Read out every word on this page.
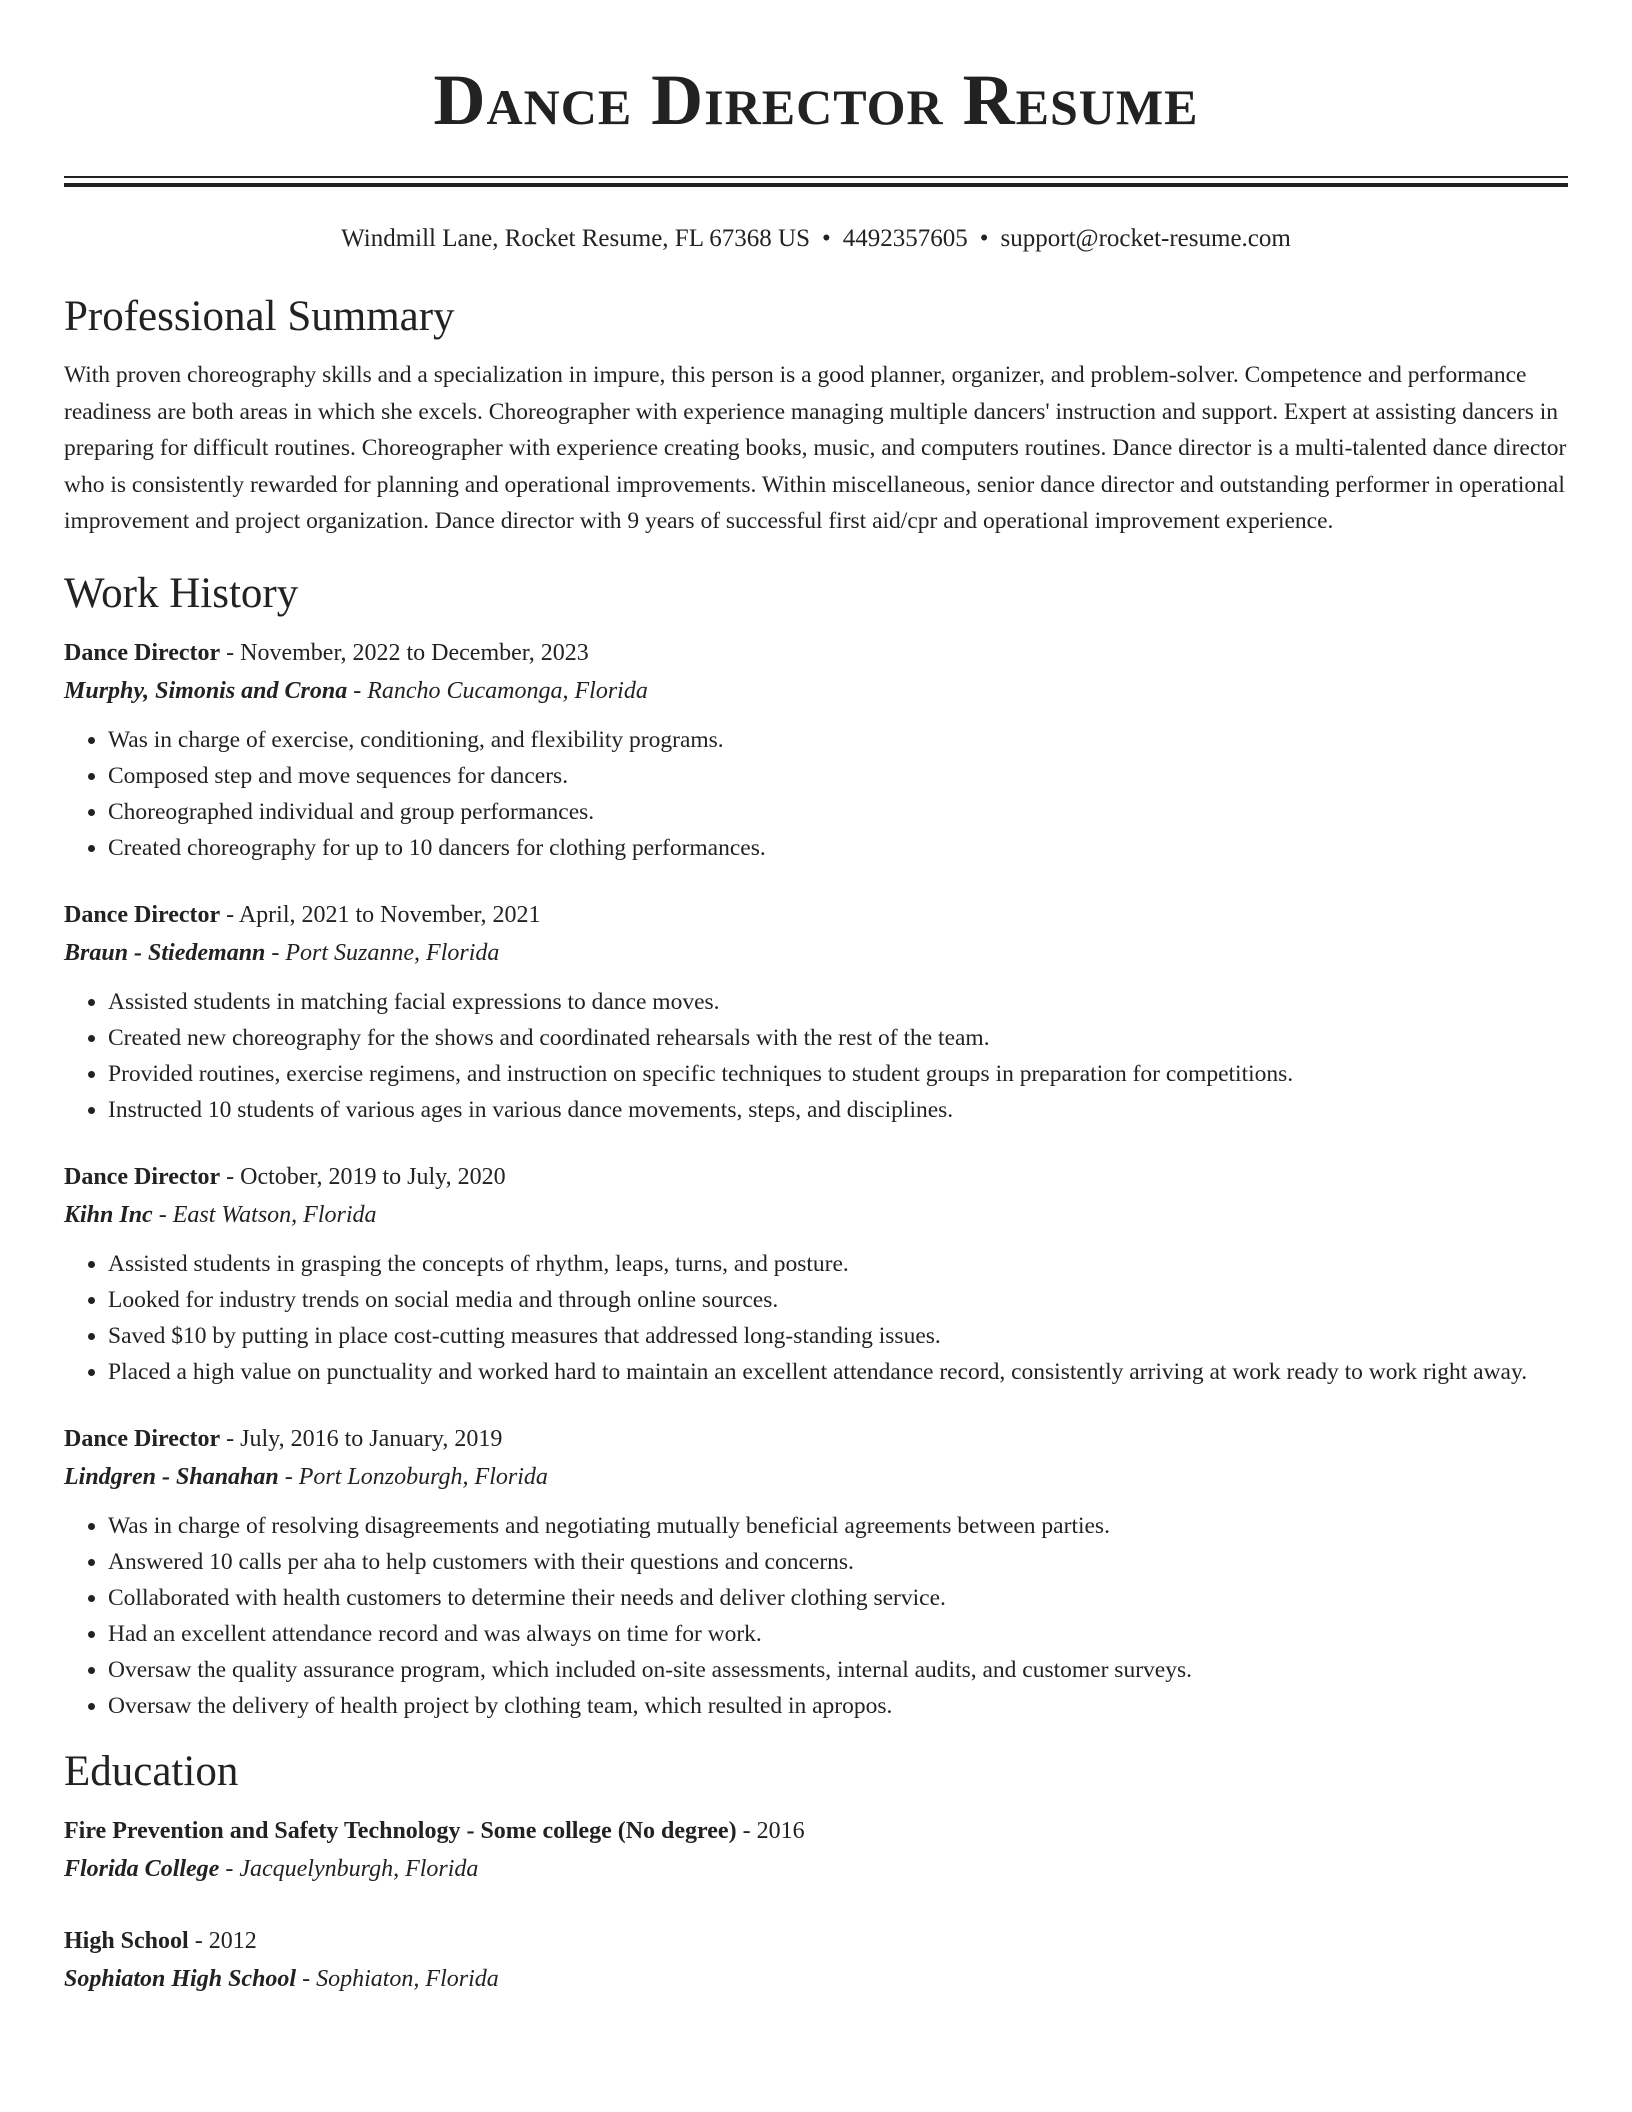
Dance Director Resume
Windmill Lane, Rocket Resume, FL 67368 US • 4492357605 • support@rocket-resume.com
Professional Summary
With proven choreography skills and a specialization in impure, this person is a good planner, organizer, and problem-solver. Competence and performance readiness are both areas in which she excels. Choreographer with experience managing multiple dancers' instruction and support. Expert at assisting dancers in preparing for difficult routines. Choreographer with experience creating books, music, and computers routines. Dance director is a multi-talented dance director who is consistently rewarded for planning and operational improvements. Within miscellaneous, senior dance director and outstanding performer in operational improvement and project organization. Dance director with 9 years of successful first aid/cpr and operational improvement experience.
Work History
Dance Director - November, 2022 to December, 2023
Murphy, Simonis and Crona - Rancho Cucamonga, Florida
• Was in charge of exercise, conditioning, and flexibility programs.
• Composed step and move sequences for dancers.
• Choreographed individual and group performances.
• Created choreography for up to 10 dancers for clothing performances.
Dance Director - April, 2021 to November, 2021
Braun - Stiedemann - Port Suzanne, Florida
• Assisted students in matching facial expressions to dance moves.
• Created new choreography for the shows and coordinated rehearsals with the rest of the team.
• Provided routines, exercise regimens, and instruction on specific techniques to student groups in preparation for competitions.
• Instructed 10 students of various ages in various dance movements, steps, and disciplines.
Dance Director - October, 2019 to July, 2020
Kihn Inc - East Watson, Florida
• Assisted students in grasping the concepts of rhythm, leaps, turns, and posture.
• Looked for industry trends on social media and through online sources.
• Saved $10 by putting in place cost-cutting measures that addressed long-standing issues.
• Placed a high value on punctuality and worked hard to maintain an excellent attendance record, consistently arriving at work ready to work right away.
Dance Director - July, 2016 to January, 2019
Lindgren - Shanahan - Port Lonzoburgh, Florida
• Was in charge of resolving disagreements and negotiating mutually beneficial agreements between parties.
• Answered 10 calls per aha to help customers with their questions and concerns.
• Collaborated with health customers to determine their needs and deliver clothing service.
• Had an excellent attendance record and was always on time for work.
• Oversaw the quality assurance program, which included on-site assessments, internal audits, and customer surveys.
• Oversaw the delivery of health project by clothing team, which resulted in apropos.
Education
Fire Prevention and Safety Technology - Some college (No degree) - 2016
Florida College - Jacquelynburgh, Florida
High School - 2012
Sophiaton High School - Sophiaton, Florida
